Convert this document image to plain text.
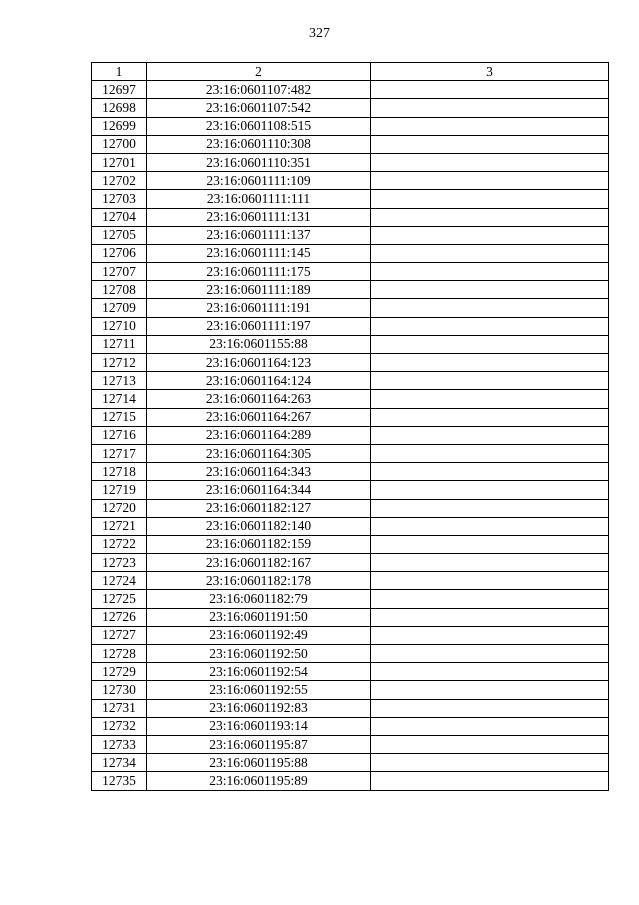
327
1	2	3
12697	23:16:0601107:482	
12698	23:16:0601107:542	
12699	23:16:0601108:515	
12700	23:16:0601110:308	
12701	23:16:0601110:351	
12702	23:16:0601111:109	
12703	23:16:0601111:111	
12704	23:16:0601111:131	
12705	23:16:0601111:137	
12706	23:16:0601111:145	
12707	23:16:0601111:175	
12708	23:16:0601111:189	
12709	23:16:0601111:191	
12710	23:16:0601111:197	
12711	23:16:0601155:88	
12712	23:16:0601164:123	
12713	23:16:0601164:124	
12714	23:16:0601164:263	
12715	23:16:0601164:267	
12716	23:16:0601164:289	
12717	23:16:0601164:305	
12718	23:16:0601164:343	
12719	23:16:0601164:344	
12720	23:16:0601182:127	
12721	23:16:0601182:140	
12722	23:16:0601182:159	
12723	23:16:0601182:167	
12724	23:16:0601182:178	
12725	23:16:0601182:79	
12726	23:16:0601191:50	
12727	23:16:0601192:49	
12728	23:16:0601192:50	
12729	23:16:0601192:54	
12730	23:16:0601192:55	
12731	23:16:0601192:83	
12732	23:16:0601193:14	
12733	23:16:0601195:87	
12734	23:16:0601195:88	
12735	23:16:0601195:89	
